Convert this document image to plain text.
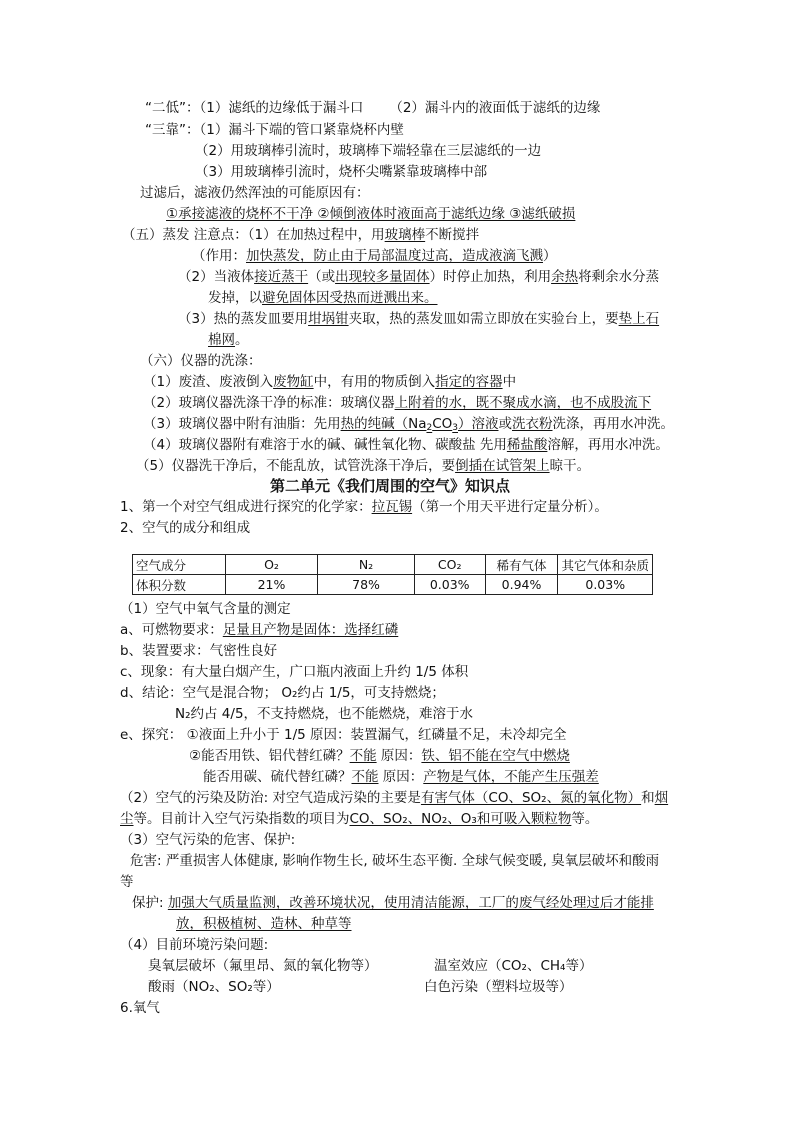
“二低”：（1）滤纸的边缘低于漏斗口 （2）漏斗内的液面低于滤纸的边缘
“三靠”：（1）漏斗下端的管口紧靠烧杯内壁
（2）用玻璃棒引流时，玻璃棒下端轻靠在三层滤纸的一边
（3）用玻璃棒引流时，烧杯尖嘴紧靠玻璃棒中部
过滤后，滤液仍然浑浊的可能原因有：
①承接滤液的烧杯不干净 ②倾倒液体时液面高于滤纸边缘 ③滤纸破损
（五）蒸发 注意点：（1）在加热过程中，用玻璃棒不断搅拌
（作用：加快蒸发，防止由于局部温度过高，造成液滴飞溅）
（2）当液体接近蒸干（或出现较多量固体）时停止加热，利用余热将剩余水分蒸
发掉，以避免固体因受热而迸溅出来。
（3）热的蒸发皿要用坩埚钳夹取，热的蒸发皿如需立即放在实验台上，要垫上石
棉网。
（六）仪器的洗涤：
（1）废渣、废液倒入废物缸中，有用的物质倒入指定的容器中
（2）玻璃仪器洗涤干净的标准：玻璃仪器上附着的水，既不聚成水滴，也不成股流下
（3）玻璃仪器中附有油脂：先用热的纯碱$(Na_2CO_3)$溶液或洗衣粉洗涤，再用水冲洗。
（4）玻璃仪器附有难溶于水的碱、碱性氧化物、碳酸盐 先用稀盐酸溶解，再用水冲洗。
（5）仪器洗干净后，不能乱放，试管洗涤干净后，要倒插在试管架上晾干。
第二单元《我们周围的空气》知识点
1、第一个对空气组成进行探究的化学家：拉瓦锡（第一个用天平进行定量分析）。
2、空气的成分和组成
空气成分	O₂	N₂	CO₂	稀有气体	其它气体和杂质
体积分数	21%	78%	0.03%	0.94%	0.03%
（1）空气中氧气含量的测定
a、可燃物要求：足量且产物是固体：选择红磷
b、装置要求：气密性良好
c、现象：有大量白烟产生，广口瓶内液面上升约 1/5 体积
d、结论：空气是混合物； O₂约占 1/5，可支持燃烧；
N₂约占 4/5，不支持燃烧，也不能燃烧，难溶于水
e、探究： ①液面上升小于 1/5 原因：装置漏气，红磷量不足，未冷却完全
②能否用铁、铝代替红磷？不能 原因：铁、铝不能在空气中燃烧
能否用碳、硫代替红磷？不能 原因：产物是气体，不能产生压强差
（2）空气的污染及防治: 对空气造成污染的主要是有害气体（CO、SO₂、氮的氧化物）和烟
尘等。目前计入空气污染指数的项目为CO、SO₂、NO₂、O₃和可吸入颗粒物等。
（3）空气污染的危害、保护:
危害: 严重损害人体健康, 影响作物生长, 破坏生态平衡. 全球气候变暖, 臭氧层破坏和酸雨
等
保护: 加强大气质量监测，改善环境状况，使用清洁能源，工厂的废气经处理过后才能排
放，积极植树、造林、种草等
（4）目前环境污染问题:
臭氧层破坏（氟里昂、氮的氧化物等）	温室效应（CO₂、CH₄等）
酸雨（NO₂、SO₂等）	白色污染（塑料垃圾等）
6.氧气
